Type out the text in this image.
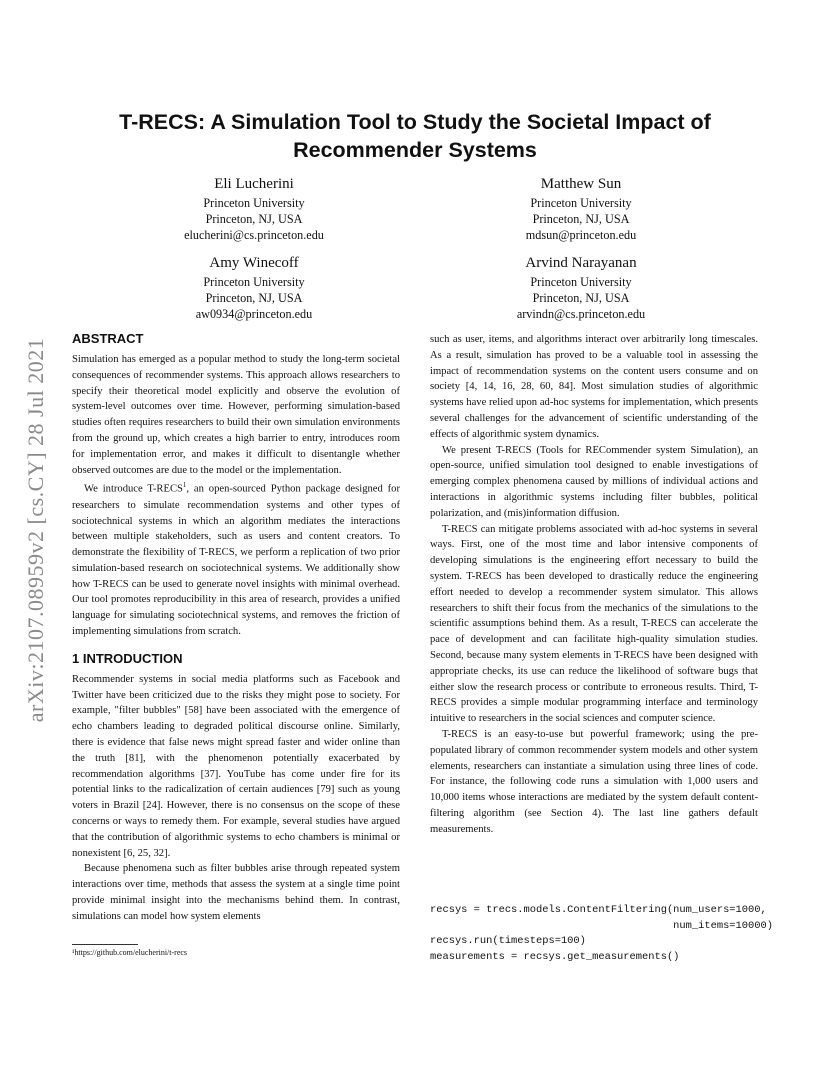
arXiv:2107.08959v2 [cs.CY] 28 Jul 2021
T-RECS: A Simulation Tool to Study the Societal Impact of
Recommender Systems
Eli Lucherini
Princeton University
Princeton, NJ, USA
elucherini@cs.princeton.edu
Matthew Sun
Princeton University
Princeton, NJ, USA
mdsun@princeton.edu
Amy Winecoff
Princeton University
Princeton, NJ, USA
aw0934@princeton.edu
Arvind Narayanan
Princeton University
Princeton, NJ, USA
arvindn@cs.princeton.edu
ABSTRACT

Simulation has emerged as a popular method to study the long-term societal consequences of recommender systems. This approach allows researchers to specify their theoretical model explicitly and observe the evolution of system-level outcomes over time. However, performing simulation-based studies often requires researchers to build their own simulation environments from the ground up, which creates a high barrier to entry, introduces room for implementation error, and makes it difficult to disentangle whether observed outcomes are due to the model or the implementation.

We introduce T-RECS$^1$, an open-sourced Python package designed for researchers to simulate recommendation systems and other types of sociotechnical systems in which an algorithm mediates the interactions between multiple stakeholders, such as users and content creators. To demonstrate the flexibility of T-RECS, we perform a replication of two prior simulation-based research on sociotechnical systems. We additionally show how T-RECS can be used to generate novel insights with minimal overhead. Our tool promotes reproducibility in this area of research, provides a unified language for simulating sociotechnical systems, and removes the friction of implementing simulations from scratch.

1 INTRODUCTION

Recommender systems in social media platforms such as Facebook and Twitter have been criticized due to the risks they might pose to society. For example, "filter bubbles" [58] have been associated with the emergence of echo chambers leading to degraded political discourse online. Similarly, there is evidence that false news might spread faster and wider online than the truth [81], with the phenomenon potentially exacerbated by recommendation algorithms [37]. YouTube has come under fire for its potential links to the radicalization of certain audiences [79] such as young voters in Brazil [24]. However, there is no consensus on the scope of these concerns or ways to remedy them. For example, several studies have argued that the contribution of algorithmic systems to echo chambers is minimal or nonexistent [6, 25, 32].

Because phenomena such as filter bubbles arise through repeated system interactions over time, methods that assess the system at a single time point provide minimal insight into the mechanisms behind them. In contrast, simulations can model how system elements

¹https://github.com/elucherini/t-recs

such as user, items, and algorithms interact over arbitrarily long timescales. As a result, simulation has proved to be a valuable tool in assessing the impact of recommendation systems on the content users consume and on society [4, 14, 16, 28, 60, 84]. Most simulation studies of algorithmic systems have relied upon ad-hoc systems for implementation, which presents several challenges for the advancement of scientific understanding of the effects of algorithmic system dynamics.

We present T-RECS (Tools for RECommender system Simulation), an open-source, unified simulation tool designed to enable investigations of emerging complex phenomena caused by millions of individual actions and interactions in algorithmic systems including filter bubbles, political polarization, and (mis)information diffusion.

T-RECS can mitigate problems associated with ad-hoc systems in several ways. First, one of the most time and labor intensive components of developing simulations is the engineering effort necessary to build the system. T-RECS has been developed to drastically reduce the engineering effort needed to develop a recommender system simulator. This allows researchers to shift their focus from the mechanics of the simulations to the scientific assumptions behind them. As a result, T-RECS can accelerate the pace of development and can facilitate high-quality simulation studies. Second, because many system elements in T-RECS have been designed with appropriate checks, its use can reduce the likelihood of software bugs that either slow the research process or contribute to erroneous results. Third, T-RECS provides a simple modular programming interface and terminology intuitive to researchers in the social sciences and computer science.

T-RECS is an easy-to-use but powerful framework; using the pre-populated library of common recommender system models and other system elements, researchers can instantiate a simulation using three lines of code. For instance, the following code runs a simulation with 1,000 users and 10,000 items whose interactions are mediated by the system default content-filtering algorithm (see Section 4). The last line gathers default measurements.

recsys = trecs.models.ContentFiltering(num_users=1000,
num_items=10000)
recsys.run(timesteps=100)
measurements = recsys.get_measurements()
